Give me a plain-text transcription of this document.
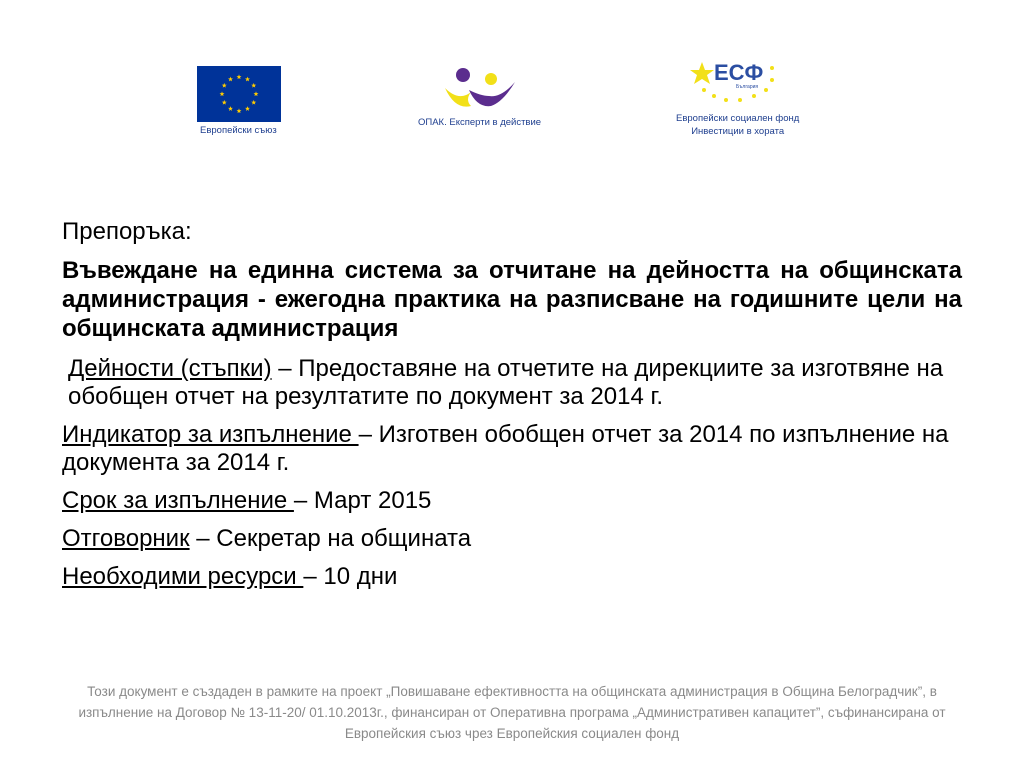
Европейски съюз
ОПАК. Експерти в действие
ЕСФ
България
Европейски социален фонд
Инвестиции в хората
Препоръка:
Въвеждане на единна система за отчитане на дейността на общинската администрация - ежегодна практика на разписване на годишните цели на общинската администрация
Дейности (стъпки) – Предоставяне на отчетите на дирекциите за изготвяне на обобщен отчет на резултатите по документ за 2014 г.
Индикатор за изпълнение – Изготвен обобщен отчет за 2014 по изпълнение на документа за 2014 г.
Срок за изпълнение – Март 2015
Отговорник – Секретар на общината
Необходими ресурси – 10 дни
Този документ е създаден в рамките на проект „Повишаване ефективността на общинската администрация в Община Белоградчик”, в изпълнение на Договор № 13-11-20/ 01.10.2013г., финансиран от Оперативна програма „Административен капацитет”, съфинансирана от Европейския съюз чрез Европейския социален фонд
